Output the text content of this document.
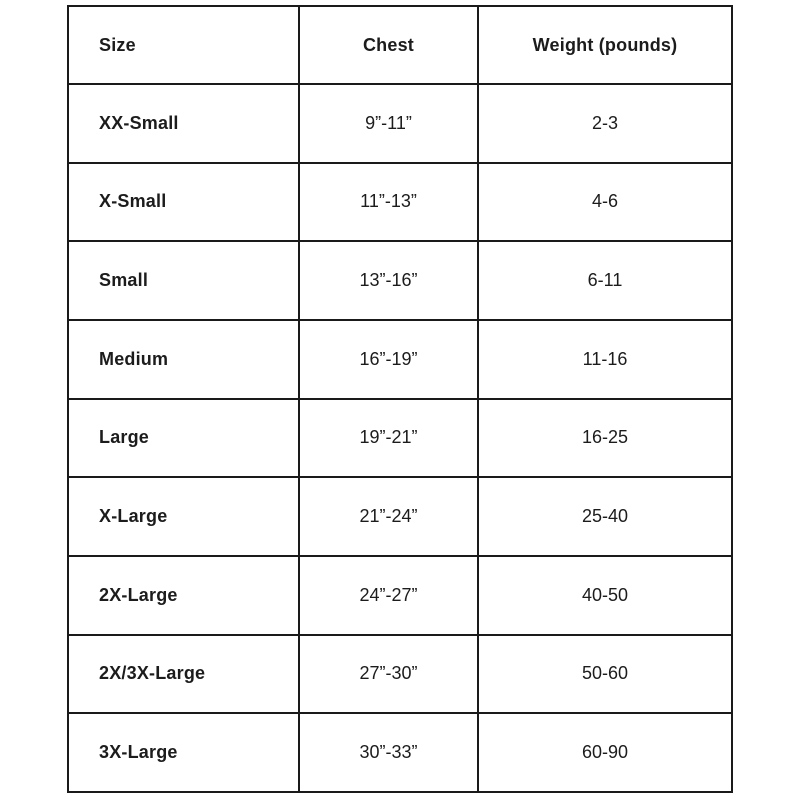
Size	Chest	Weight (pounds)
XX-Small	9”-11”	2-3
X-Small	11”-13”	4-6
Small	13”-16”	6-11
Medium	16”-19”	11-16
Large	19”-21”	16-25
X-Large	21”-24”	25-40
2X-Large	24”-27”	40-50
2X/3X-Large	27”-30”	50-60
3X-Large	30”-33”	60-90
